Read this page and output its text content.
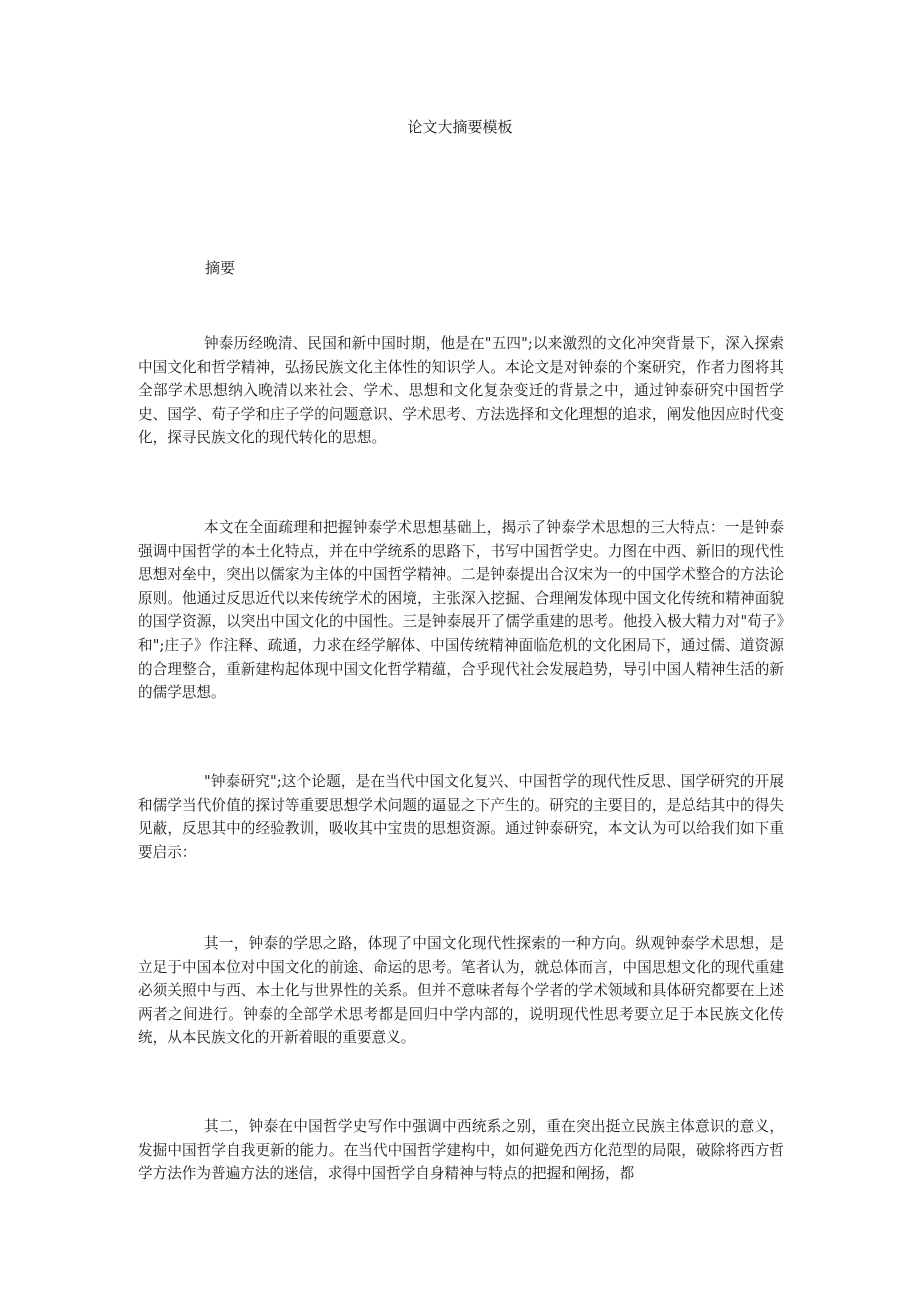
论文大摘要模板

摘要

钟泰历经晚清、民国和新中国时期，他是在"五四";以来激烈的文化冲突背景下，深入探索中国文化和哲学精神，弘扬民族文化主体性的知识学人。本论文是对钟泰的个案研究，作者力图将其全部学术思想纳入晚清以来社会、学术、思想和文化复杂变迁的背景之中，通过钟泰研究中国哲学史、国学、荀子学和庄子学的问题意识、学术思考、方法选择和文化理想的追求，阐发他因应时代变化，探寻民族文化的现代转化的思想。

本文在全面疏理和把握钟泰学术思想基础上，揭示了钟泰学术思想的三大特点：一是钟泰强调中国哲学的本土化特点，并在中学统系的思路下，书写中国哲学史。力图在中西、新旧的现代性思想对垒中，突出以儒家为主体的中国哲学精神。二是钟泰提出合汉宋为一的中国学术整合的方法论原则。他通过反思近代以来传统学术的困境，主张深入挖掘、合理阐发体现中国文化传统和精神面貌的国学资源，以突出中国文化的中国性。三是钟泰展开了儒学重建的思考。他投入极大精力对"荀子》和";庄子》作注释、疏通，力求在经学解体、中国传统精神面临危机的文化困局下，通过儒、道资源的合理整合，重新建构起体现中国文化哲学精蕴，合乎现代社会发展趋势，导引中国人精神生活的新的儒学思想。

"钟泰研究";这个论题，是在当代中国文化复兴、中国哲学的现代性反思、国学研究的开展和儒学当代价值的探讨等重要思想学术问题的逼显之下产生的。研究的主要目的，是总结其中的得失见蔽，反思其中的经验教训，吸收其中宝贵的思想资源。通过钟泰研究，本文认为可以给我们如下重要启示：

其一，钟泰的学思之路，体现了中国文化现代性探索的一种方向。纵观钟泰学术思想，是立足于中国本位对中国文化的前途、命运的思考。笔者认为，就总体而言，中国思想文化的现代重建必须关照中与西、本土化与世界性的关系。但并不意味者每个学者的学术领域和具体研究都要在上述两者之间进行。钟泰的全部学术思考都是回归中学内部的，说明现代性思考要立足于本民族文化传统，从本民族文化的开新着眼的重要意义。

其二，钟泰在中国哲学史写作中强调中西统系之别，重在突出挺立民族主体意识的意义，发掘中国哲学自我更新的能力。在当代中国哲学建构中，如何避免西方化范型的局限，破除将西方哲学方法作为普遍方法的迷信，求得中国哲学自身精神与特点的把握和阐扬，都
